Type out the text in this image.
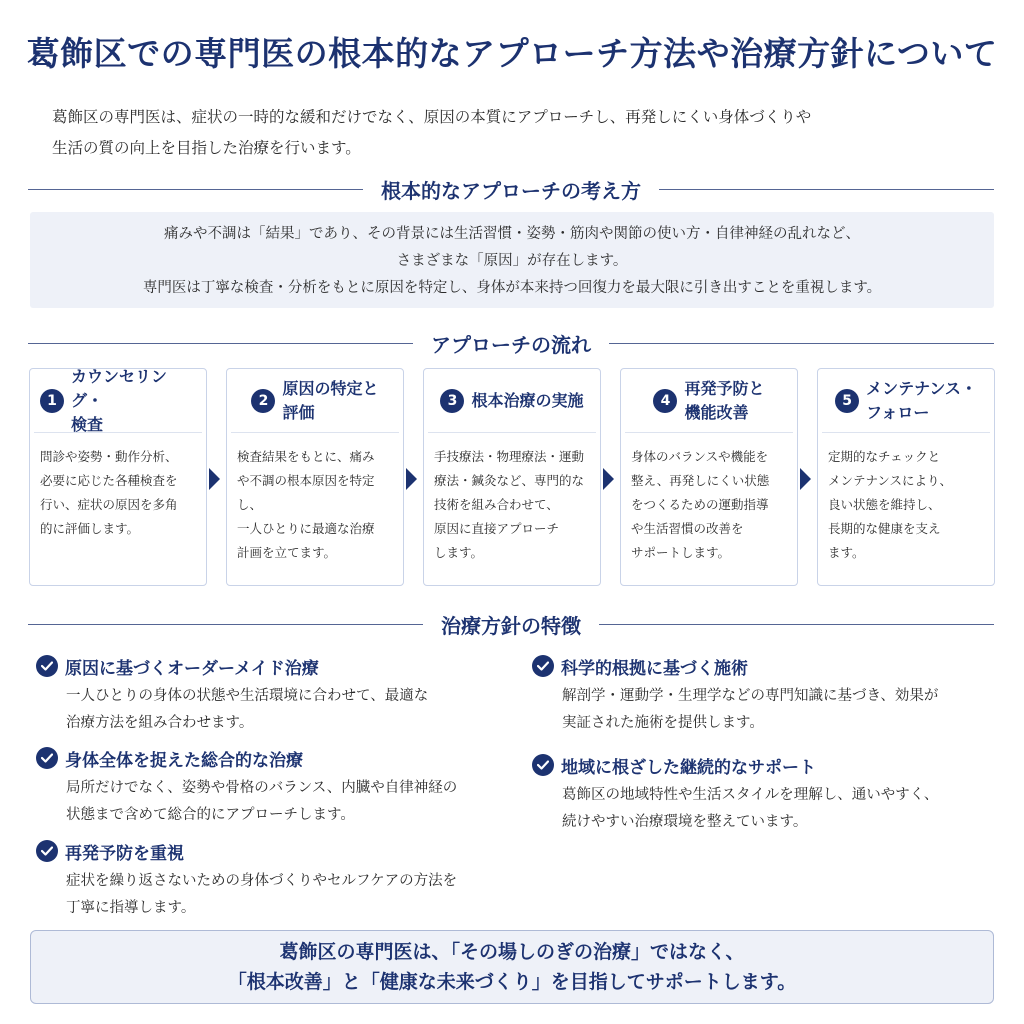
葛飾区での専門医の根本的なアプローチ方法や治療方針について

葛飾区の専門医は、症状の一時的な緩和だけでなく、原因の本質にアプローチし、再発しにくい身体づくりや

生活の質の向上を目指した治療を行います。

根本的なアプローチの考え方

痛みや不調は「結果」であり、その背景には生活習慣・姿勢・筋肉や関節の使い方・自律神経の乱れなど、

さまざまな「原因」が存在します。

専門医は丁寧な検査・分析をもとに原因を特定し、身体が本来持つ回復力を最大限に引き出すことを重視します。

アプローチの流れ
1
カウンセリング・
検査
問診や姿勢・動作分析、
必要に応じた各種検査を
行い、症状の原因を多角
的に評価します。
2
原因の特定と
評価
検査結果をもとに、痛み
や不調の根本原因を特定し、
一人ひとりに最適な治療
計画を立てます。
3 根本治療の実施
手技療法・物理療法・運動
療法・鍼灸など、専門的な
技術を組み合わせて、
原因に直接アプローチ
します。
4
再発予防と
機能改善
身体のバランスや機能を
整え、再発しにくい状態
をつくるための運動指導
や生活習慣の改善を
サポートします。
5
メンテナンス・
フォロー
定期的なチェックと
メンテナンスにより、
良い状態を維持し、
長期的な健康を支え
ます。
治療方針の特徴
原因に基づくオーダーメイド治療
一人ひとりの身体の状態や生活環境に合わせて、最適な
治療方法を組み合わせます。
身体全体を捉えた総合的な治療
局所だけでなく、姿勢や骨格のバランス、内臓や自律神経の
状態まで含めて総合的にアプローチします。
再発予防を重視
症状を繰り返さないための身体づくりやセルフケアの方法を
丁寧に指導します。
科学的根拠に基づく施術
解剖学・運動学・生理学などの専門知識に基づき、効果が
実証された施術を提供します。
地域に根ざした継続的なサポート
葛飾区の地域特性や生活スタイルを理解し、通いやすく、
続けやすい治療環境を整えています。

葛飾区の専門医は、「その場しのぎの治療」ではなく、

「根本改善」と「健康な未来づくり」を目指してサポートします。
